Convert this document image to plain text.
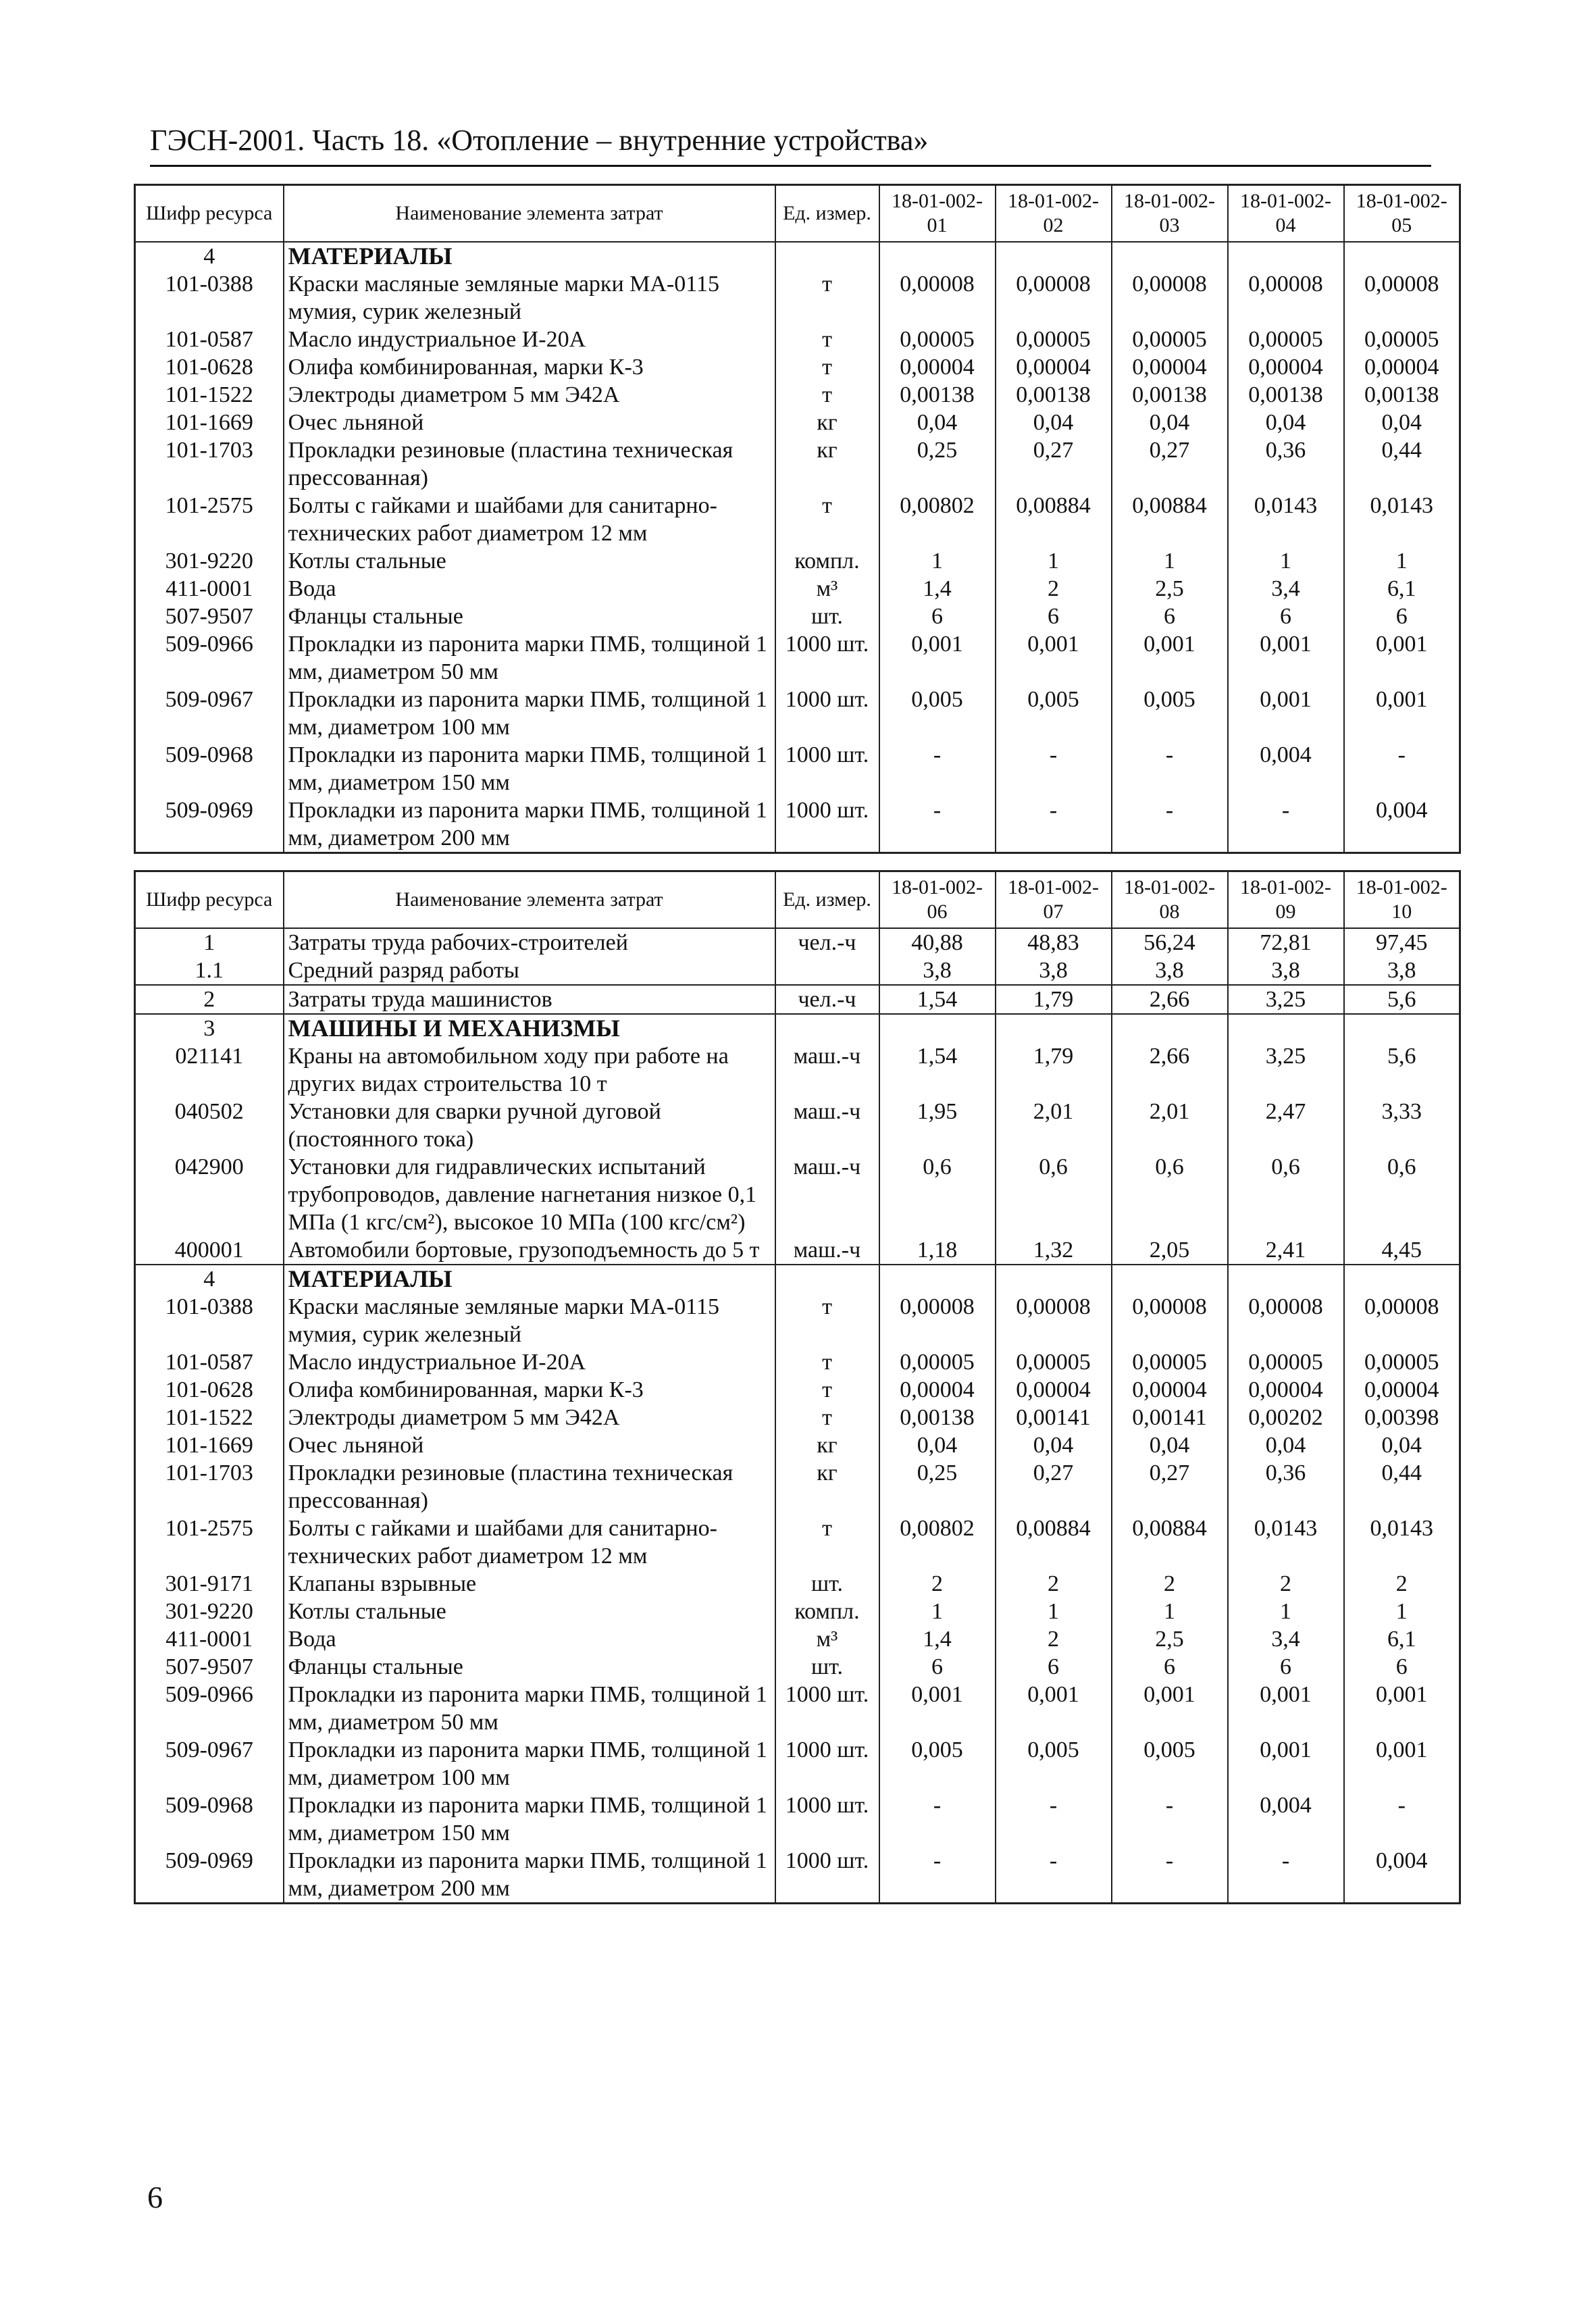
ГЭСН-2001. Часть 18. «Отопление – внутренние устройства»
Шифр ресурса	Наименование элемента затрат	Ед. измер.	18-01-002-01	18-01-002-02	18-01-002-03	18-01-002-04	18-01-002-05
4	МАТЕРИАЛЫ						
101-0388	Краски масляные земляные марки МА-0115 мумия, сурик железный	т	0,00008	0,00008	0,00008	0,00008	0,00008
101-0587	Масло индустриальное И-20А	т	0,00005	0,00005	0,00005	0,00005	0,00005
101-0628	Олифа комбинированная, марки К-3	т	0,00004	0,00004	0,00004	0,00004	0,00004
101-1522	Электроды диаметром 5 мм Э42А	т	0,00138	0,00138	0,00138	0,00138	0,00138
101-1669	Очес льняной	кг	0,04	0,04	0,04	0,04	0,04
101-1703	Прокладки резиновые (пластина техническая прессованная)	кг	0,25	0,27	0,27	0,36	0,44
101-2575	Болты с гайками и шайбами для санитарно-технических работ диаметром 12 мм	т	0,00802	0,00884	0,00884	0,0143	0,0143
301-9220	Котлы стальные	компл.	1	1	1	1	1
411-0001	Вода	м³	1,4	2	2,5	3,4	6,1
507-9507	Фланцы стальные	шт.	6	6	6	6	6
509-0966	Прокладки из паронита марки ПМБ, толщиной 1 мм, диаметром 50 мм	1000 шт.	0,001	0,001	0,001	0,001	0,001
509-0967	Прокладки из паронита марки ПМБ, толщиной 1 мм, диаметром 100 мм	1000 шт.	0,005	0,005	0,005	0,001	0,001
509-0968	Прокладки из паронита марки ПМБ, толщиной 1 мм, диаметром 150 мм	1000 шт.	-	-	-	0,004	-
509-0969	Прокладки из паронита марки ПМБ, толщиной 1 мм, диаметром 200 мм	1000 шт.	-	-	-	-	0,004
Шифр ресурса	Наименование элемента затрат	Ед. измер.	18-01-002-06	18-01-002-07	18-01-002-08	18-01-002-09	18-01-002-10
1	Затраты труда рабочих-строителей	чел.-ч	40,88	48,83	56,24	72,81	97,45
1.1	Средний разряд работы		3,8	3,8	3,8	3,8	3,8
2	Затраты труда машинистов	чел.-ч	1,54	1,79	2,66	3,25	5,6
3	МАШИНЫ И МЕХАНИЗМЫ						
021141	Краны на автомобильном ходу при работе на других видах строительства 10 т	маш.-ч	1,54	1,79	2,66	3,25	5,6
040502	Установки для сварки ручной дуговой (постоянного тока)	маш.-ч	1,95	2,01	2,01	2,47	3,33
042900	Установки для гидравлических испытаний трубопроводов, давление нагнетания низкое 0,1 МПа (1 кгс/см²), высокое 10 МПа (100 кгс/см²)	маш.-ч	0,6	0,6	0,6	0,6	0,6
400001	Автомобили бортовые, грузоподъемность до 5 т	маш.-ч	1,18	1,32	2,05	2,41	4,45
4	МАТЕРИАЛЫ						
101-0388	Краски масляные земляные марки МА-0115 мумия, сурик железный	т	0,00008	0,00008	0,00008	0,00008	0,00008
101-0587	Масло индустриальное И-20А	т	0,00005	0,00005	0,00005	0,00005	0,00005
101-0628	Олифа комбинированная, марки К-3	т	0,00004	0,00004	0,00004	0,00004	0,00004
101-1522	Электроды диаметром 5 мм Э42А	т	0,00138	0,00141	0,00141	0,00202	0,00398
101-1669	Очес льняной	кг	0,04	0,04	0,04	0,04	0,04
101-1703	Прокладки резиновые (пластина техническая прессованная)	кг	0,25	0,27	0,27	0,36	0,44
101-2575	Болты с гайками и шайбами для санитарно-технических работ диаметром 12 мм	т	0,00802	0,00884	0,00884	0,0143	0,0143
301-9171	Клапаны взрывные	шт.	2	2	2	2	2
301-9220	Котлы стальные	компл.	1	1	1	1	1
411-0001	Вода	м³	1,4	2	2,5	3,4	6,1
507-9507	Фланцы стальные	шт.	6	6	6	6	6
509-0966	Прокладки из паронита марки ПМБ, толщиной 1 мм, диаметром 50 мм	1000 шт.	0,001	0,001	0,001	0,001	0,001
509-0967	Прокладки из паронита марки ПМБ, толщиной 1 мм, диаметром 100 мм	1000 шт.	0,005	0,005	0,005	0,001	0,001
509-0968	Прокладки из паронита марки ПМБ, толщиной 1 мм, диаметром 150 мм	1000 шт.	-	-	-	0,004	-
509-0969	Прокладки из паронита марки ПМБ, толщиной 1 мм, диаметром 200 мм	1000 шт.	-	-	-	-	0,004
6
